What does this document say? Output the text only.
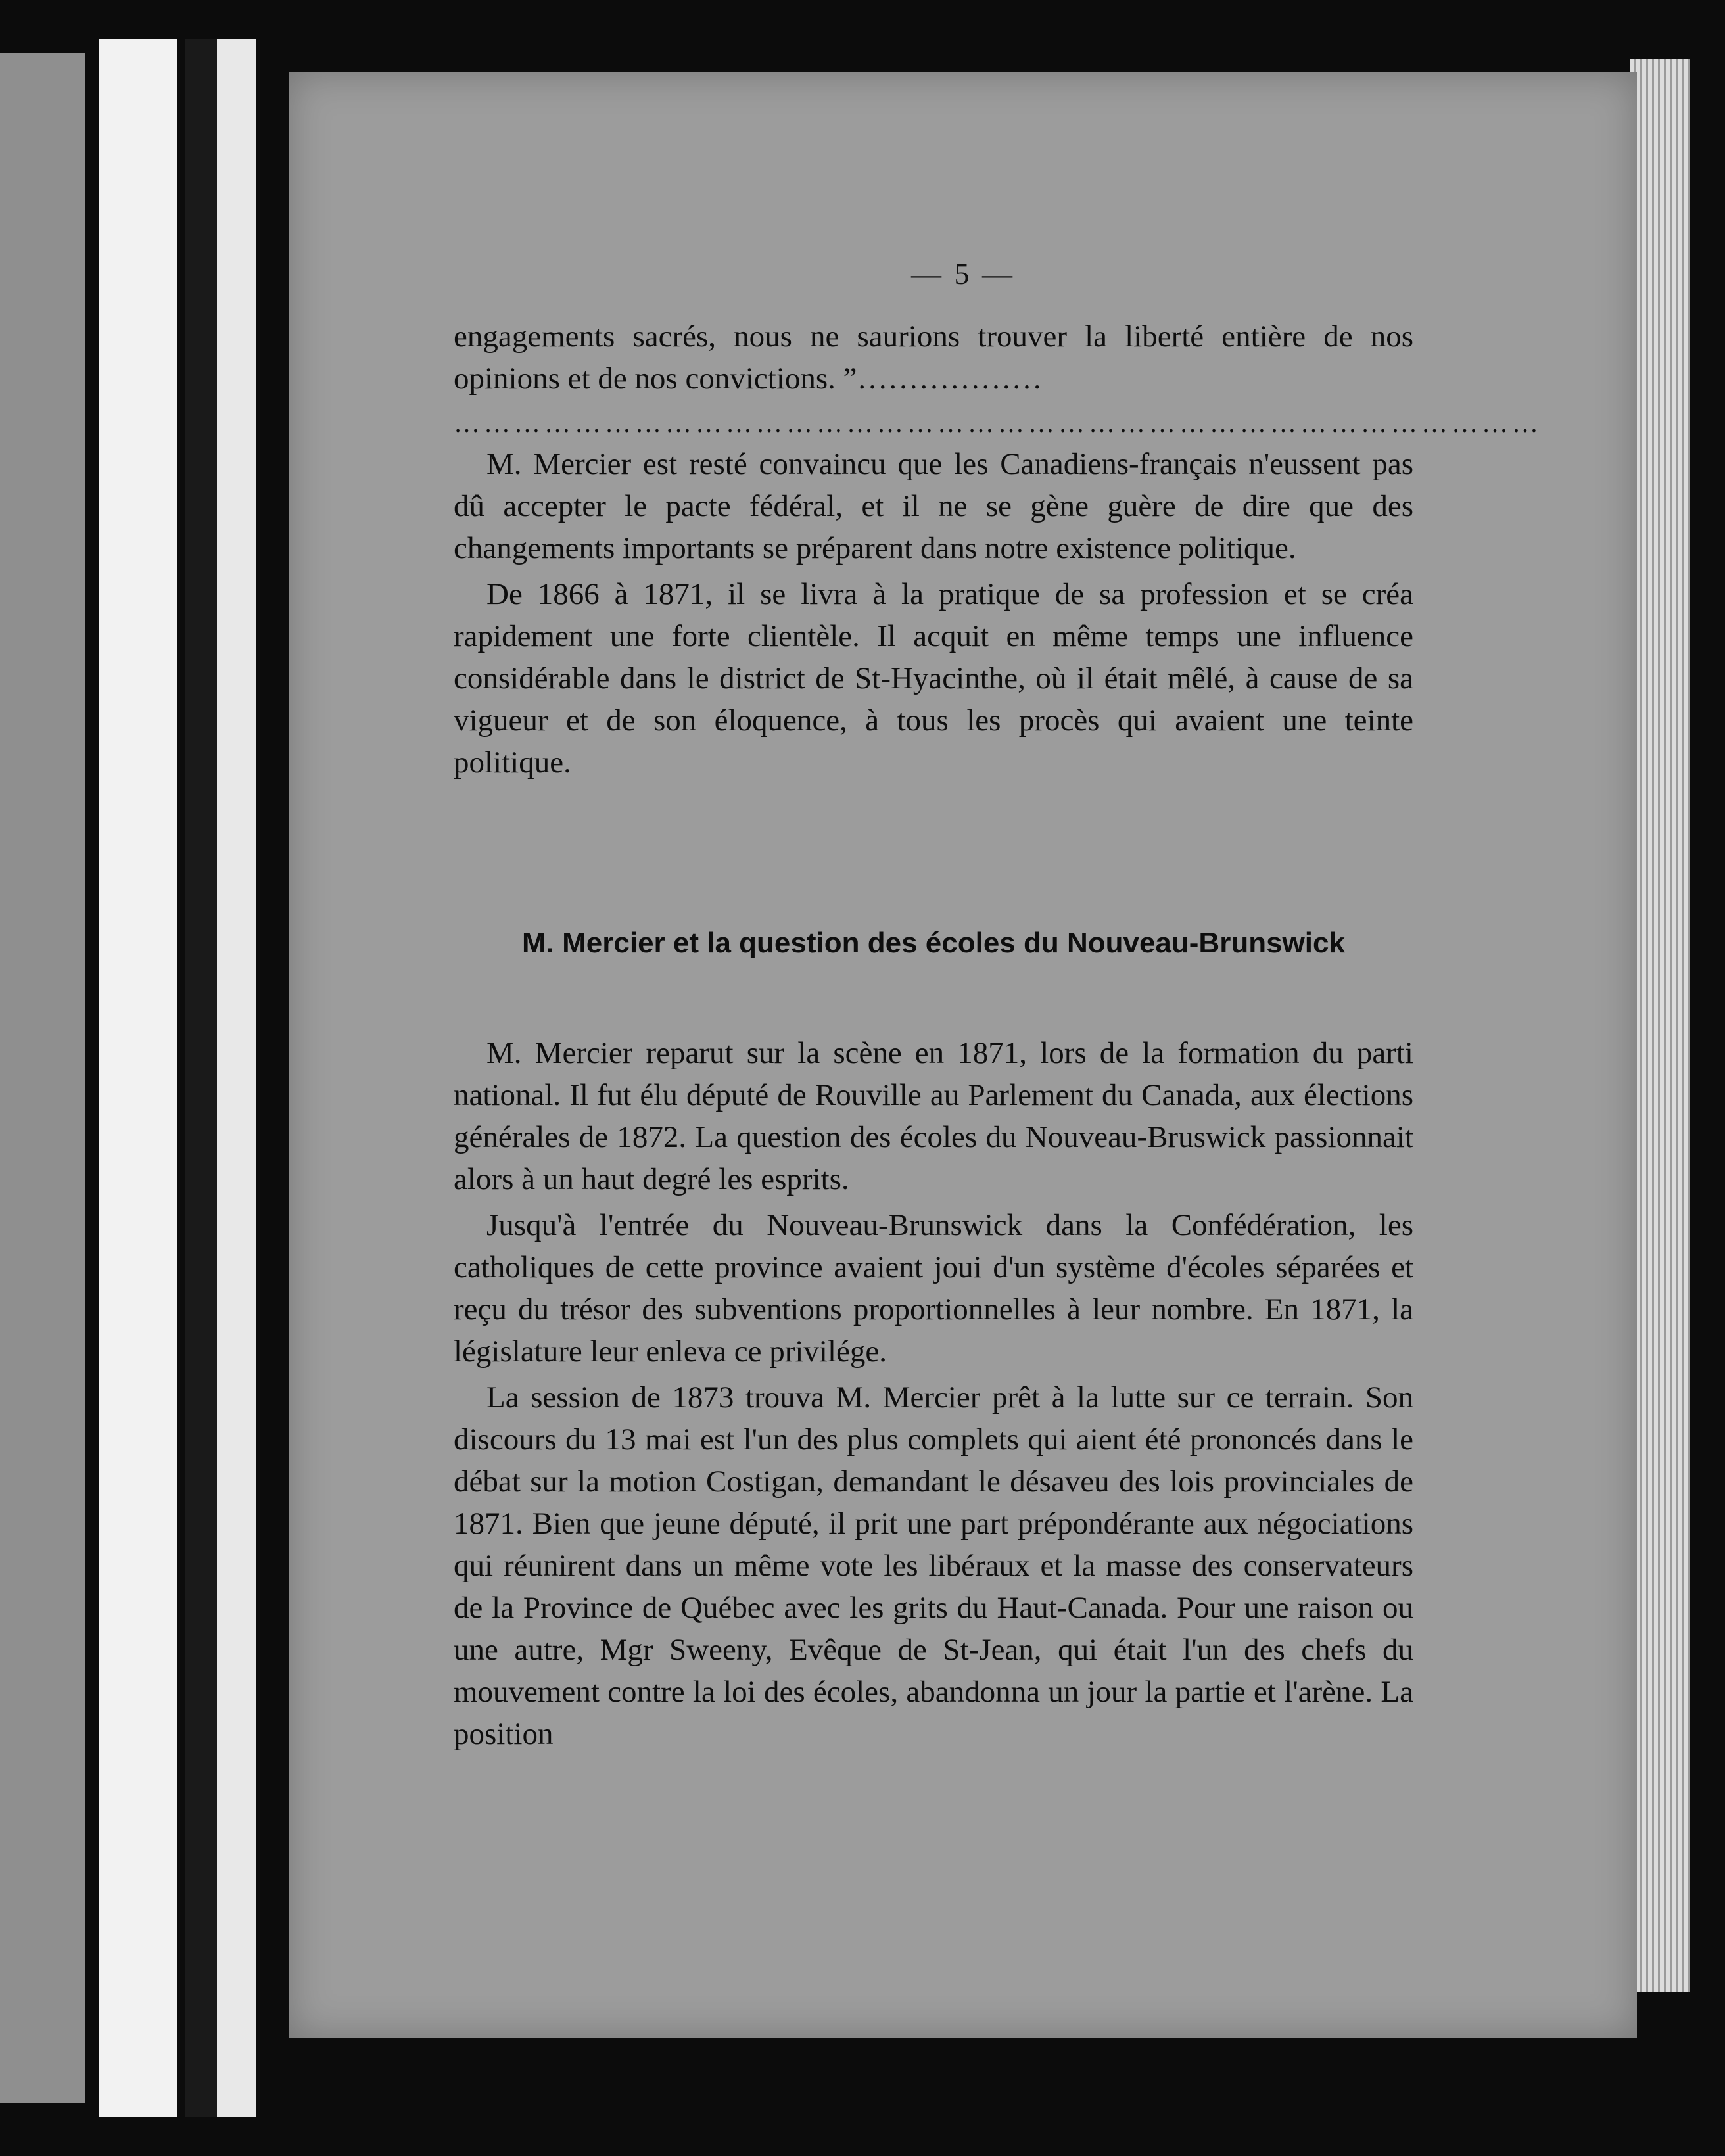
— 5 —

engagements sacrés, nous ne saurions trouver la liberté entière de nos opinions et de nos convictions. ”………………

………………………………………………………………………………………………

M. Mercier est resté convaincu que les Canadiens-français n'eussent pas dû accepter le pacte fédéral, et il ne se gène guère de dire que des changements importants se préparent dans notre existence politique.

De 1866 à 1871, il se livra à la pratique de sa profession et se créa rapidement une forte clientèle. Il acquit en même temps une influence considérable dans le district de St-Hyacinthe, où il était mêlé, à cause de sa vigueur et de son éloquence, à tous les procès qui avaient une teinte politique.

M. Mercier et la question des écoles du Nouveau-Brunswick

M. Mercier reparut sur la scène en 1871, lors de la formation du parti national. Il fut élu député de Rouville au Parlement du Canada, aux élections générales de 1872. La question des écoles du Nouveau-Bruswick passionnait alors à un haut degré les esprits.

Jusqu'à l'entrée du Nouveau-Brunswick dans la Confédération, les catholiques de cette province avaient joui d'un système d'écoles séparées et reçu du trésor des subventions proportionnelles à leur nombre. En 1871, la législature leur enleva ce privilége.

La session de 1873 trouva M. Mercier prêt à la lutte sur ce terrain. Son discours du 13 mai est l'un des plus complets qui aient été prononcés dans le débat sur la motion Costigan, demandant le désaveu des lois provinciales de 1871. Bien que jeune député, il prit une part prépondérante aux négociations qui réunirent dans un même vote les libéraux et la masse des conservateurs de la Province de Québec avec les grits du Haut-Canada. Pour une raison ou une autre, Mgr Sweeny, Evêque de St-Jean, qui était l'un des chefs du mouvement contre la loi des écoles, abandonna un jour la partie et l'arène. La position
